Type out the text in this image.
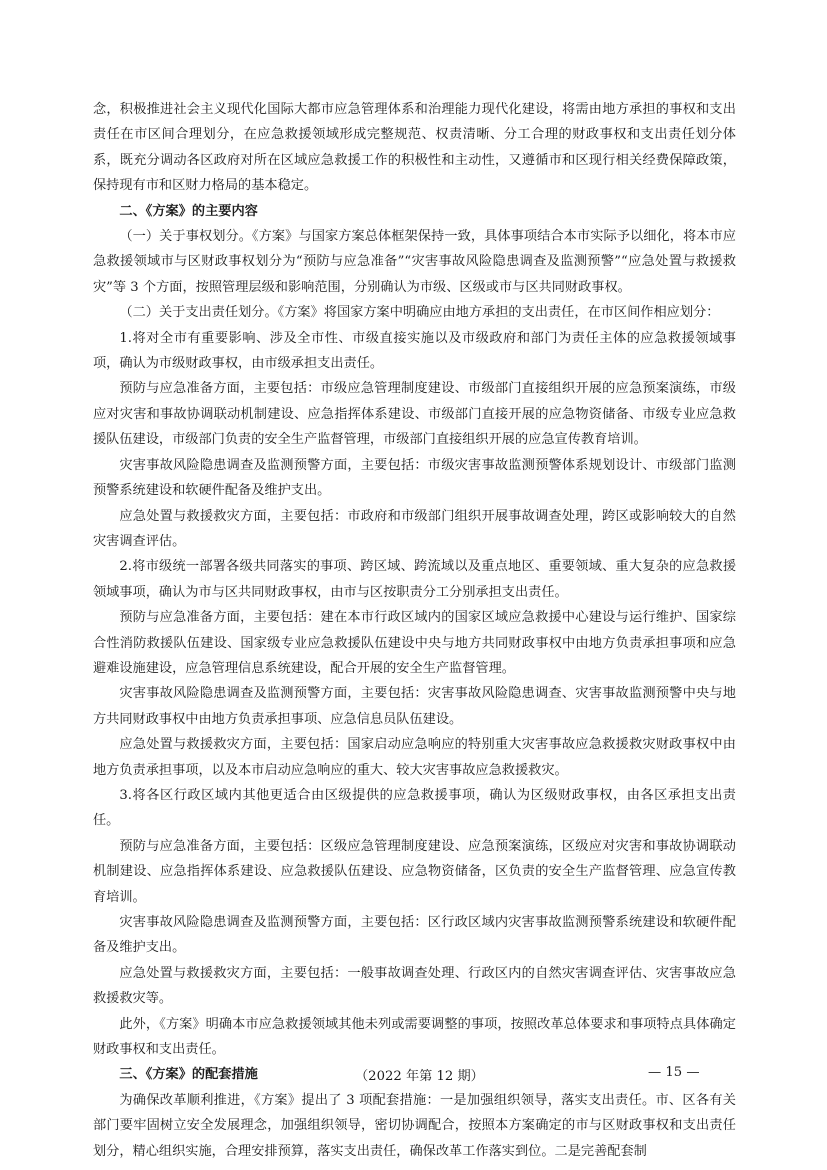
念，积极推进社会主义现代化国际大都市应急管理体系和治理能力现代化建设，将需由地方承担的事权和支出责任在市区间合理划分，在应急救援领域形成完整规范、权责清晰、分工合理的财政事权和支出责任划分体系，既充分调动各区政府对所在区域应急救援工作的积极性和主动性，又遵循市和区现行相关经费保障政策，保持现有市和区财力格局的基本稳定。

二、《方案》的主要内容

（一）关于事权划分。《方案》与国家方案总体框架保持一致，具体事项结合本市实际予以细化，将本市应急救援领域市与区财政事权划分为“预防与应急准备”“灾害事故风险隐患调查及监测预警”“应急处置与救援救灾”等 3 个方面，按照管理层级和影响范围，分别确认为市级、区级或市与区共同财政事权。

（二）关于支出责任划分。《方案》将国家方案中明确应由地方承担的支出责任，在市区间作相应划分：

1.将对全市有重要影响、涉及全市性、市级直接实施以及市级政府和部门为责任主体的应急救援领域事项，确认为市级财政事权，由市级承担支出责任。

预防与应急准备方面，主要包括：市级应急管理制度建设、市级部门直接组织开展的应急预案演练，市级应对灾害和事故协调联动机制建设、应急指挥体系建设、市级部门直接开展的应急物资储备、市级专业应急救援队伍建设，市级部门负责的安全生产监督管理，市级部门直接组织开展的应急宣传教育培训。

灾害事故风险隐患调查及监测预警方面，主要包括：市级灾害事故监测预警体系规划设计、市级部门监测预警系统建设和软硬件配备及维护支出。

应急处置与救援救灾方面，主要包括：市政府和市级部门组织开展事故调查处理，跨区或影响较大的自然灾害调查评估。

2.将市级统一部署各级共同落实的事项、跨区域、跨流域以及重点地区、重要领域、重大复杂的应急救援领域事项，确认为市与区共同财政事权，由市与区按职责分工分别承担支出责任。

预防与应急准备方面，主要包括：建在本市行政区域内的国家区域应急救援中心建设与运行维护、国家综合性消防救援队伍建设、国家级专业应急救援队伍建设中央与地方共同财政事权中由地方负责承担事项和应急避难设施建设，应急管理信息系统建设，配合开展的安全生产监督管理。

灾害事故风险隐患调查及监测预警方面，主要包括：灾害事故风险隐患调查、灾害事故监测预警中央与地方共同财政事权中由地方负责承担事项、应急信息员队伍建设。

应急处置与救援救灾方面，主要包括：国家启动应急响应的特别重大灾害事故应急救援救灾财政事权中由地方负责承担事项，以及本市启动应急响应的重大、较大灾害事故应急救援救灾。

3.将各区行政区域内其他更适合由区级提供的应急救援事项，确认为区级财政事权，由各区承担支出责任。

预防与应急准备方面，主要包括：区级应急管理制度建设、应急预案演练，区级应对灾害和事故协调联动机制建设、应急指挥体系建设、应急救援队伍建设、应急物资储备，区负责的安全生产监督管理、应急宣传教育培训。

灾害事故风险隐患调查及监测预警方面，主要包括：区行政区域内灾害事故监测预警系统建设和软硬件配备及维护支出。

应急处置与救援救灾方面，主要包括：一般事故调查处理、行政区内的自然灾害调查评估、灾害事故应急救援救灾等。

此外，《方案》明确本市应急救援领域其他未列或需要调整的事项，按照改革总体要求和事项特点具体确定财政事权和支出责任。

三、《方案》的配套措施

为确保改革顺利推进，《方案》提出了 3 项配套措施：一是加强组织领导，落实支出责任。市、区各有关部门要牢固树立安全发展理念，加强组织领导，密切协调配合，按照本方案确定的市与区财政事权和支出责任划分，精心组织实施，合理安排预算，落实支出责任，确保改革工作落实到位。二是完善配套制

（2022 年第 12 期）	— 15 —
